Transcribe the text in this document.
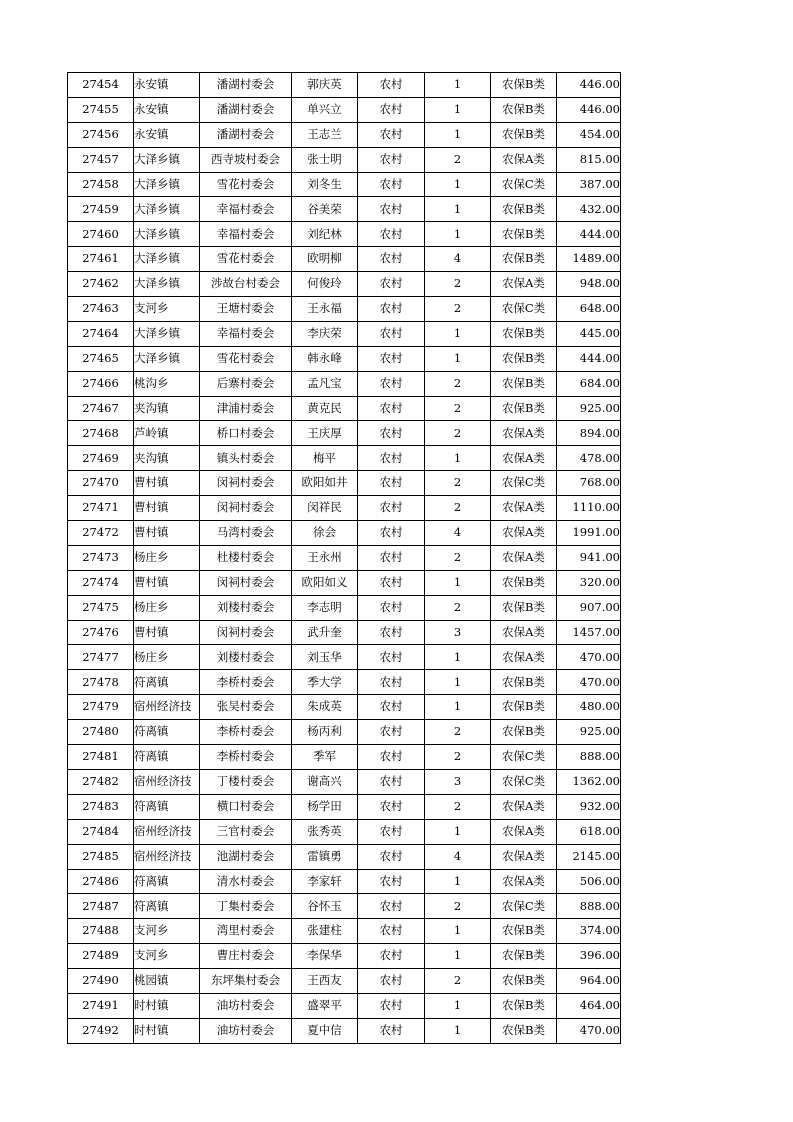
27454	永安镇	潘湖村委会	郭庆英	农村	1	农保B类	446.00
27455	永安镇	潘湖村委会	单兴立	农村	1	农保B类	446.00
27456	永安镇	潘湖村委会	王志兰	农村	1	农保B类	454.00
27457	大泽乡镇	西寺坡村委会	张士明	农村	2	农保A类	815.00
27458	大泽乡镇	雪花村委会	刘冬生	农村	1	农保C类	387.00
27459	大泽乡镇	幸福村委会	谷美荣	农村	1	农保B类	432.00
27460	大泽乡镇	幸福村委会	刘纪林	农村	1	农保B类	444.00
27461	大泽乡镇	雪花村委会	欧明柳	农村	4	农保B类	1489.00
27462	大泽乡镇	涉故台村委会	何俊玲	农村	2	农保A类	948.00
27463	支河乡	王塘村委会	王永福	农村	2	农保C类	648.00
27464	大泽乡镇	幸福村委会	李庆荣	农村	1	农保B类	445.00
27465	大泽乡镇	雪花村委会	韩永峰	农村	1	农保B类	444.00
27466	桃沟乡	后寨村委会	孟凡宝	农村	2	农保B类	684.00
27467	夹沟镇	津浦村委会	黄克民	农村	2	农保B类	925.00
27468	芦岭镇	桥口村委会	王庆厚	农村	2	农保A类	894.00
27469	夹沟镇	镇头村委会	梅平	农村	1	农保A类	478.00
27470	曹村镇	闵祠村委会	欧阳如井	农村	2	农保C类	768.00
27471	曹村镇	闵祠村委会	闵祥民	农村	2	农保A类	1110.00
27472	曹村镇	马湾村委会	徐会	农村	4	农保A类	1991.00
27473	杨庄乡	杜楼村委会	王永州	农村	2	农保A类	941.00
27474	曹村镇	闵祠村委会	欧阳如义	农村	1	农保B类	320.00
27475	杨庄乡	刘楼村委会	李志明	农村	2	农保B类	907.00
27476	曹村镇	闵祠村委会	武升奎	农村	3	农保A类	1457.00
27477	杨庄乡	刘楼村委会	刘玉华	农村	1	农保A类	470.00
27478	符离镇	李桥村委会	季大学	农村	1	农保B类	470.00
27479	宿州经济技	张吴村委会	朱成英	农村	1	农保B类	480.00
27480	符离镇	李桥村委会	杨丙利	农村	2	农保B类	925.00
27481	符离镇	李桥村委会	季军	农村	2	农保C类	888.00
27482	宿州经济技	丁楼村委会	谢高兴	农村	3	农保C类	1362.00
27483	符离镇	横口村委会	杨学田	农村	2	农保A类	932.00
27484	宿州经济技	三官村委会	张秀英	农村	1	农保A类	618.00
27485	宿州经济技	池湖村委会	雷镇勇	农村	4	农保A类	2145.00
27486	符离镇	清水村委会	李家轩	农村	1	农保A类	506.00
27487	符离镇	丁集村委会	谷怀玉	农村	2	农保C类	888.00
27488	支河乡	湾里村委会	张建柱	农村	1	农保B类	374.00
27489	支河乡	曹庄村委会	李保华	农村	1	农保B类	396.00
27490	桃园镇	东坪集村委会	王西友	农村	2	农保B类	964.00
27491	时村镇	油坊村委会	盛翠平	农村	1	农保B类	464.00
27492	时村镇	油坊村委会	夏中信	农村	1	农保B类	470.00
